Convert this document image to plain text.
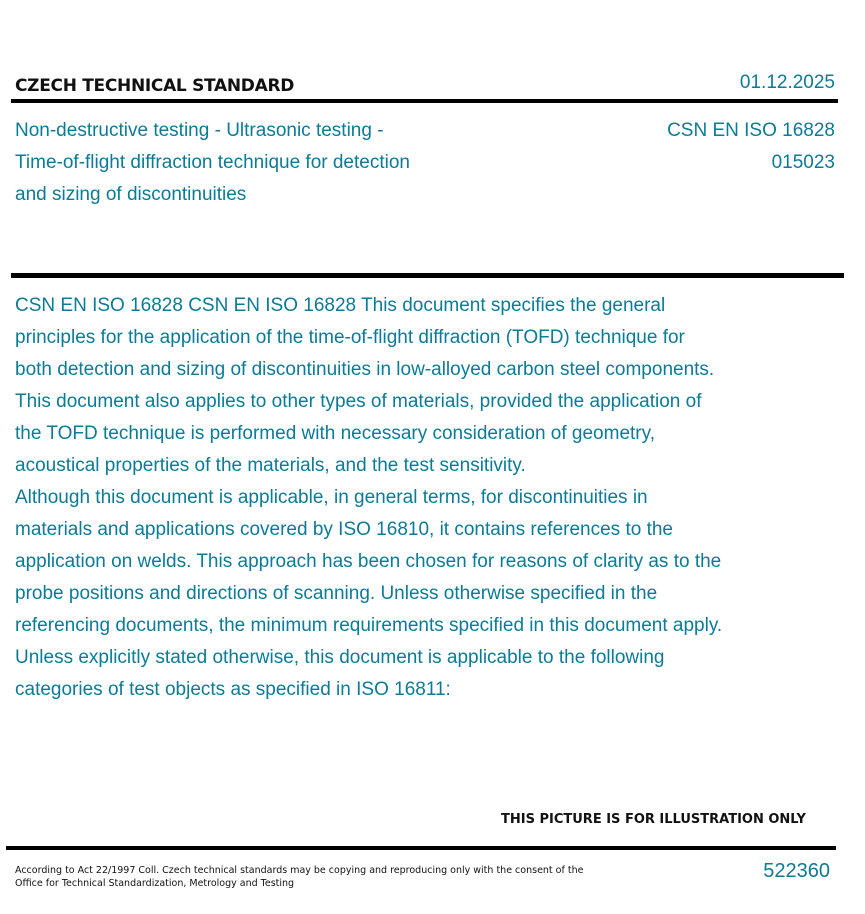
CZECH TECHNICAL STANDARD	01.12.2025
Non-destructive testing - Ultrasonic testing - Time-of-flight diffraction technique for detection and sizing of discontinuities
CSN EN ISO 16828
015023

CSN EN ISO 16828 CSN EN ISO 16828 This document specifies the general principles for the application of the time-of-flight diffraction (TOFD) technique for both detection and sizing of discontinuities in low-alloyed carbon steel components. This document also applies to other types of materials, provided the application of the TOFD technique is performed with necessary consideration of geometry, acoustical properties of the materials, and the test sensitivity.
Although this document is applicable, in general terms, for discontinuities in materials and applications covered by ISO 16810, it contains references to the application on welds. This approach has been chosen for reasons of clarity as to the probe positions and directions of scanning. Unless otherwise specified in the referencing documents, the minimum requirements specified in this document apply. Unless explicitly stated otherwise, this document is applicable to the following categories of test objects as specified in ISO 16811:

THIS PICTURE IS FOR ILLUSTRATION ONLY
According to Act 22/1997 Coll. Czech technical standards may be copying and reproducing only with the consent of the Office for Technical Standardization, Metrology and Testing
522360
